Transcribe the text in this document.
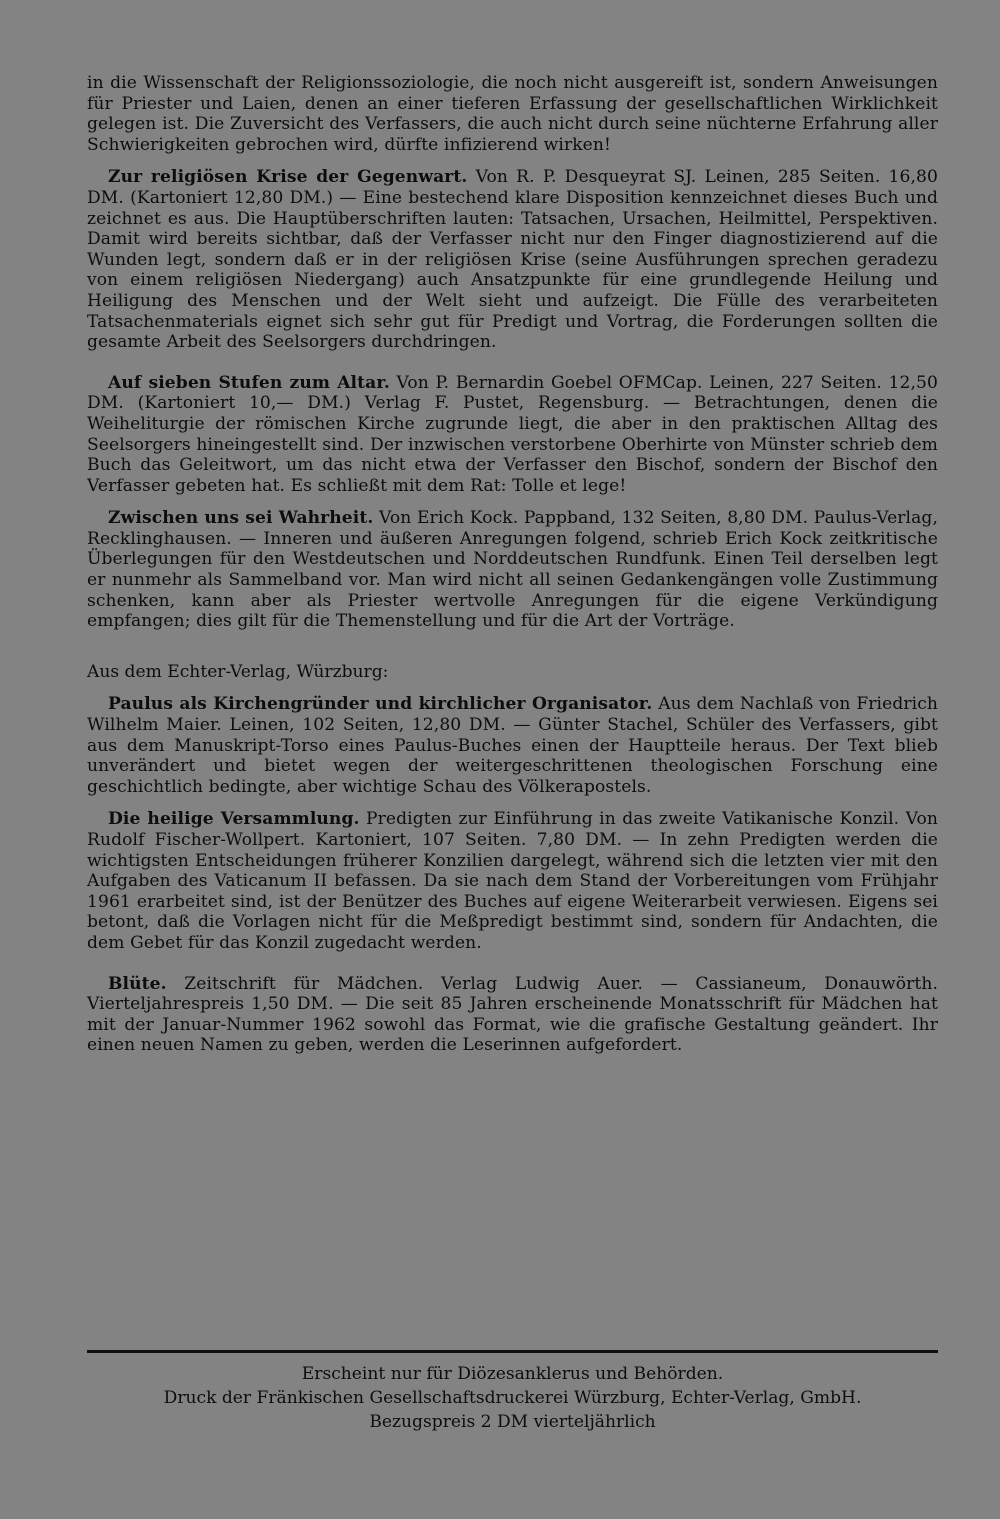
in die Wissenschaft der Religionssoziologie, die noch nicht ausgereift ist, sondern Anweisungen für Priester und Laien, denen an einer tieferen Erfassung der gesellschaftlichen Wirklichkeit gelegen ist. Die Zuversicht des Verfassers, die auch nicht durch seine nüchterne Erfahrung aller Schwierigkeiten gebrochen wird, dürfte infizierend wirken!

Zur religiösen Krise der Gegenwart. Von R. P. Desqueyrat SJ. Leinen, 285 Seiten. 16,80 DM. (Kartoniert 12,80 DM.) — Eine bestechend klare Disposition kennzeichnet dieses Buch und zeichnet es aus. Die Hauptüberschriften lauten: Tatsachen, Ursachen, Heilmittel, Perspektiven. Damit wird bereits sichtbar, daß der Verfasser nicht nur den Finger diagnostizierend auf die Wunden legt, sondern daß er in der religiösen Krise (seine Ausführungen sprechen geradezu von einem religiösen Niedergang) auch Ansatzpunkte für eine grundlegende Heilung und Heiligung des Menschen und der Welt sieht und aufzeigt. Die Fülle des verarbeiteten Tatsachenmaterials eignet sich sehr gut für Predigt und Vortrag, die Forderungen sollten die gesamte Arbeit des Seelsorgers durchdringen.

Auf sieben Stufen zum Altar. Von P. Bernardin Goebel OFMCap. Leinen, 227 Seiten. 12,50 DM. (Kartoniert 10,— DM.) Verlag F. Pustet, Regensburg. — Betrachtungen, denen die Weiheliturgie der römischen Kirche zugrunde liegt, die aber in den praktischen Alltag des Seelsorgers hineingestellt sind. Der inzwischen verstorbene Oberhirte von Münster schrieb dem Buch das Geleitwort, um das nicht etwa der Verfasser den Bischof, sondern der Bischof den Verfasser gebeten hat. Es schließt mit dem Rat: Tolle et lege!

Zwischen uns sei Wahrheit. Von Erich Kock. Pappband, 132 Seiten, 8,80 DM. Paulus-Verlag, Recklinghausen. — Inneren und äußeren Anregungen folgend, schrieb Erich Kock zeitkritische Überlegungen für den Westdeutschen und Norddeutschen Rundfunk. Einen Teil derselben legt er nunmehr als Sammelband vor. Man wird nicht all seinen Gedankengängen volle Zustimmung schenken, kann aber als Priester wertvolle Anregungen für die eigene Verkündigung empfangen; dies gilt für die Themenstellung und für die Art der Vorträge.

Aus dem Echter-Verlag, Würzburg:

Paulus als Kirchengründer und kirchlicher Organisator. Aus dem Nachlaß von Friedrich Wilhelm Maier. Leinen, 102 Seiten, 12,80 DM. — Günter Stachel, Schüler des Verfassers, gibt aus dem Manuskript-Torso eines Paulus-Buches einen der Hauptteile heraus. Der Text blieb unverändert und bietet wegen der weitergeschrittenen theologischen Forschung eine geschichtlich bedingte, aber wichtige Schau des Völkerapostels.

Die heilige Versammlung. Predigten zur Einführung in das zweite Vatikanische Konzil. Von Rudolf Fischer-Wollpert. Kartoniert, 107 Seiten. 7,80 DM. — In zehn Predigten werden die wichtigsten Entscheidungen früherer Konzilien dargelegt, während sich die letzten vier mit den Aufgaben des Vaticanum II befassen. Da sie nach dem Stand der Vorbereitungen vom Frühjahr 1961 erarbeitet sind, ist der Benützer des Buches auf eigene Weiterarbeit verwiesen. Eigens sei betont, daß die Vorlagen nicht für die Meßpredigt bestimmt sind, sondern für Andachten, die dem Gebet für das Konzil zugedacht werden.

Blüte. Zeitschrift für Mädchen. Verlag Ludwig Auer. — Cassianeum, Donauwörth. Vierteljahrespreis 1,50 DM. — Die seit 85 Jahren erscheinende Monatsschrift für Mädchen hat mit der Januar-Nummer 1962 sowohl das Format, wie die grafische Gestaltung geändert. Ihr einen neuen Namen zu geben, werden die Leserinnen aufgefordert.

Erscheint nur für Diözesanklerus und Behörden.
Druck der Fränkischen Gesellschaftsdruckerei Würzburg, Echter-Verlag, GmbH.
Bezugspreis 2 DM vierteljährlich
